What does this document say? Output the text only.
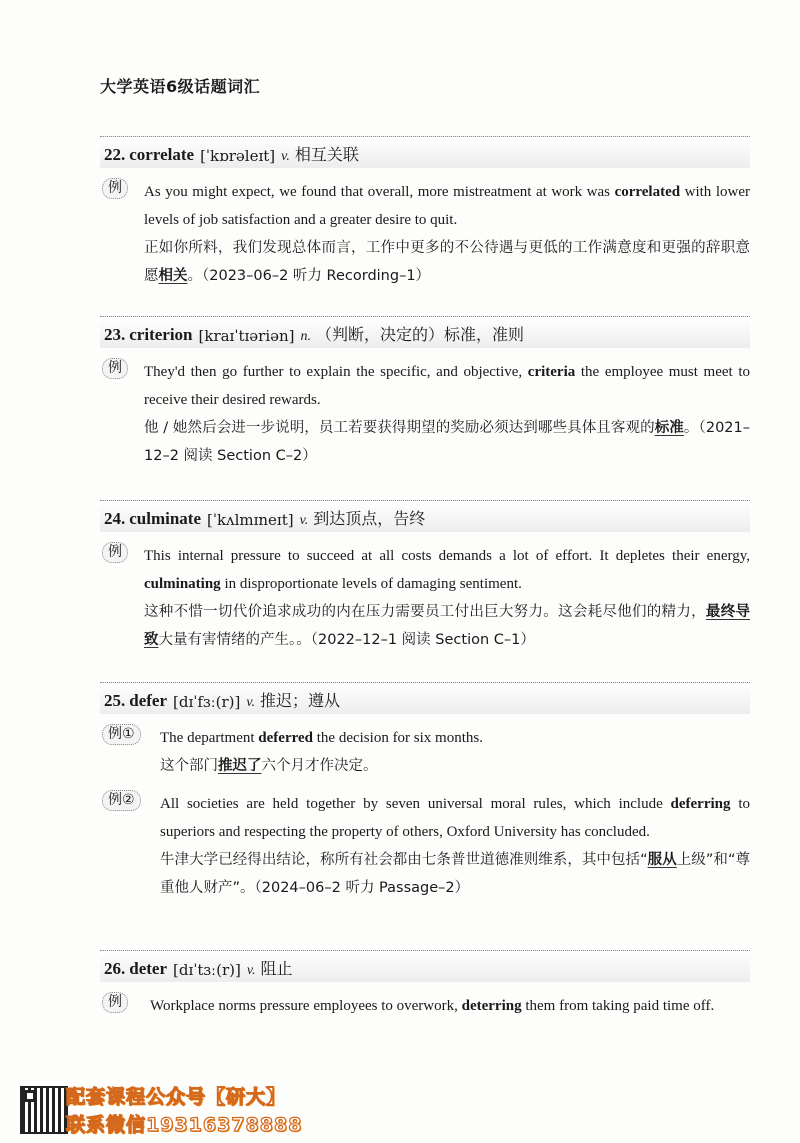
大学英语6级话题词汇
22. correlate [ˈkɒrəleɪt] v. 相互关联
例	As you might expect, we found that overall, more mistreatment at work was correlated with lower levels of job satisfaction and a greater desire to quit.
正如你所料，我们发现总体而言，工作中更多的不公待遇与更低的工作满意度和更强的辞职意愿相关。（2023–06–2 听力 Recording–1）
23. criterion [kraɪˈtɪəriən] n. （判断，决定的）标准，准则
例	They'd then go further to explain the specific, and objective, criteria the employee must meet to receive their desired rewards.
他 / 她然后会进一步说明，员工若要获得期望的奖励必须达到哪些具体且客观的标准。（2021–12–2 阅读 Section C–2）
24. culminate [ˈkʌlmɪneɪt] v. 到达顶点，告终
例	This internal pressure to succeed at all costs demands a lot of effort. It depletes their energy, culminating in disproportionate levels of damaging sentiment.
这种不惜一切代价追求成功的内在压力需要员工付出巨大努力。这会耗尽他们的精力，最终导致大量有害情绪的产生。。（2022–12–1 阅读 Section C–1）
25. defer [dɪˈfɜː(r)] v. 推迟；遵从
例①	The department deferred the decision for six months.
这个部门推迟了六个月才作决定。
例②	All societies are held together by seven universal moral rules, which include deferring to superiors and respecting the property of others, Oxford University has concluded.
牛津大学已经得出结论，称所有社会都由七条普世道德准则维系，其中包括“服从上级”和“尊重他人财产”。（2024–06–2 听力 Passage–2）
26. deter [dɪˈtɜː(r)] v. 阻止
例	Workplace norms pressure employees to overwork, deterring them from taking paid time off.
配套课程公众号【研大】
联系微信19316378888
